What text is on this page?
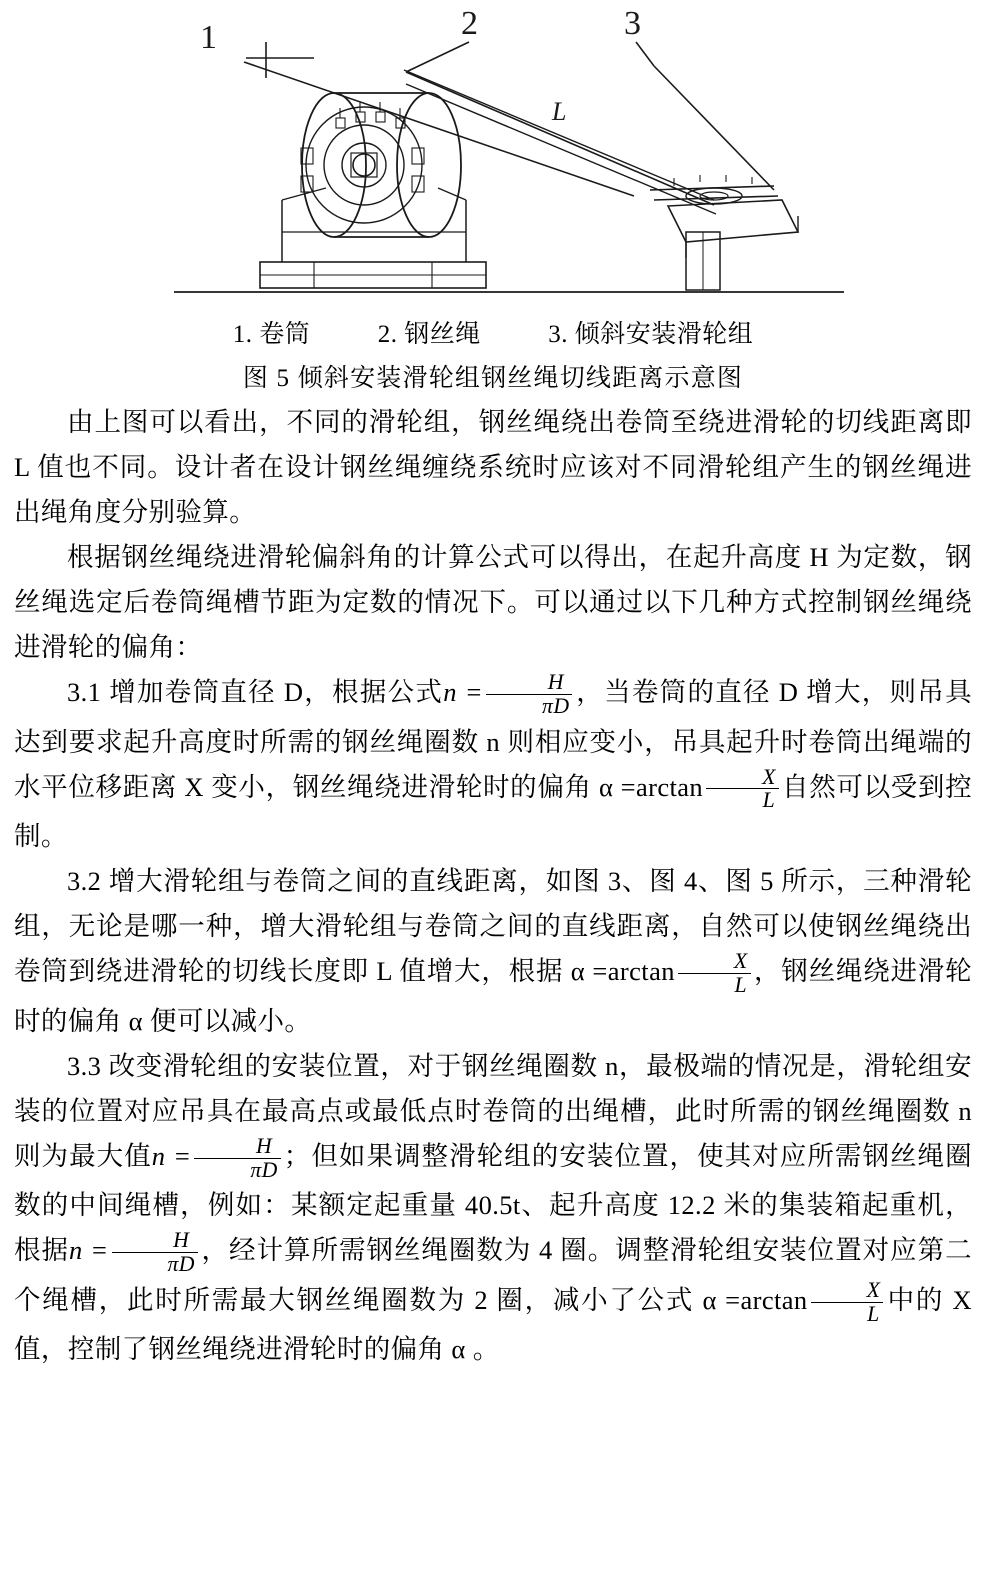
1	2	3
L
1. 卷筒	2. 钢丝绳	3. 倾斜安装滑轮组
图 5 倾斜安装滑轮组钢丝绳切线距离示意图

由上图可以看出，不同的滑轮组，钢丝绳绕出卷筒至绕进滑轮的切线距离即 L 值也不同。设计者在设计钢丝绳缠绕系统时应该对不同滑轮组产生的钢丝绳进出绳角度分别验算。

根据钢丝绳绕进滑轮偏斜角的计算公式可以得出，在起升高度 H 为定数，钢丝绳选定后卷筒绳槽节距为定数的情况下。可以通过以下几种方式控制钢丝绳绕进滑轮的偏角：

3.1 增加卷筒直径 D，根据公式$n = \frac{H}{\pi D}$ ，当卷筒的直径 D 增大，则吊具达到要求起升高度时所需的钢丝绳圈数 n 则相应变小，吊具起升时卷筒出绳端的水平位移距离 X 变小，钢丝绳绕进滑轮时的偏角 $\alpha =\arctan \frac{X}{L}$ 自然可以受到控制。

3.2 增大滑轮组与卷筒之间的直线距离，如图 3、图 4、图 5 所示，三种滑轮组，无论是哪一种，增大滑轮组与卷筒之间的直线距离，自然可以使钢丝绳绕出卷筒到绕进滑轮的切线长度即 L 值增大，根据 $\alpha =\arctan \frac{X}{L}$ ，钢丝绳绕进滑轮时的偏角 α 便可以减小。

3.3 改变滑轮组的安装位置，对于钢丝绳圈数 n，最极端的情况是，滑轮组安装的位置对应吊具在最高点或最低点时卷筒的出绳槽，此时所需的钢丝绳圈数 n 则为最大值$n = \frac{H}{\pi D}$ ；但如果调整滑轮组的安装位置，使其对应所需钢丝绳圈数的中间绳槽，例如：某额定起重量 40.5t、起升高度 12.2 米的集装箱起重机，根据$n = \frac{H}{\pi D}$ ，经计算所需钢丝绳圈数为 4 圈。调整滑轮组安装位置对应第二个绳槽，此时所需最大钢丝绳圈数为 2 圈，减小了公式 $\alpha =\arctan \frac{X}{L}$ 中的 X 值，控制了钢丝绳绕进滑轮时的偏角 α 。
